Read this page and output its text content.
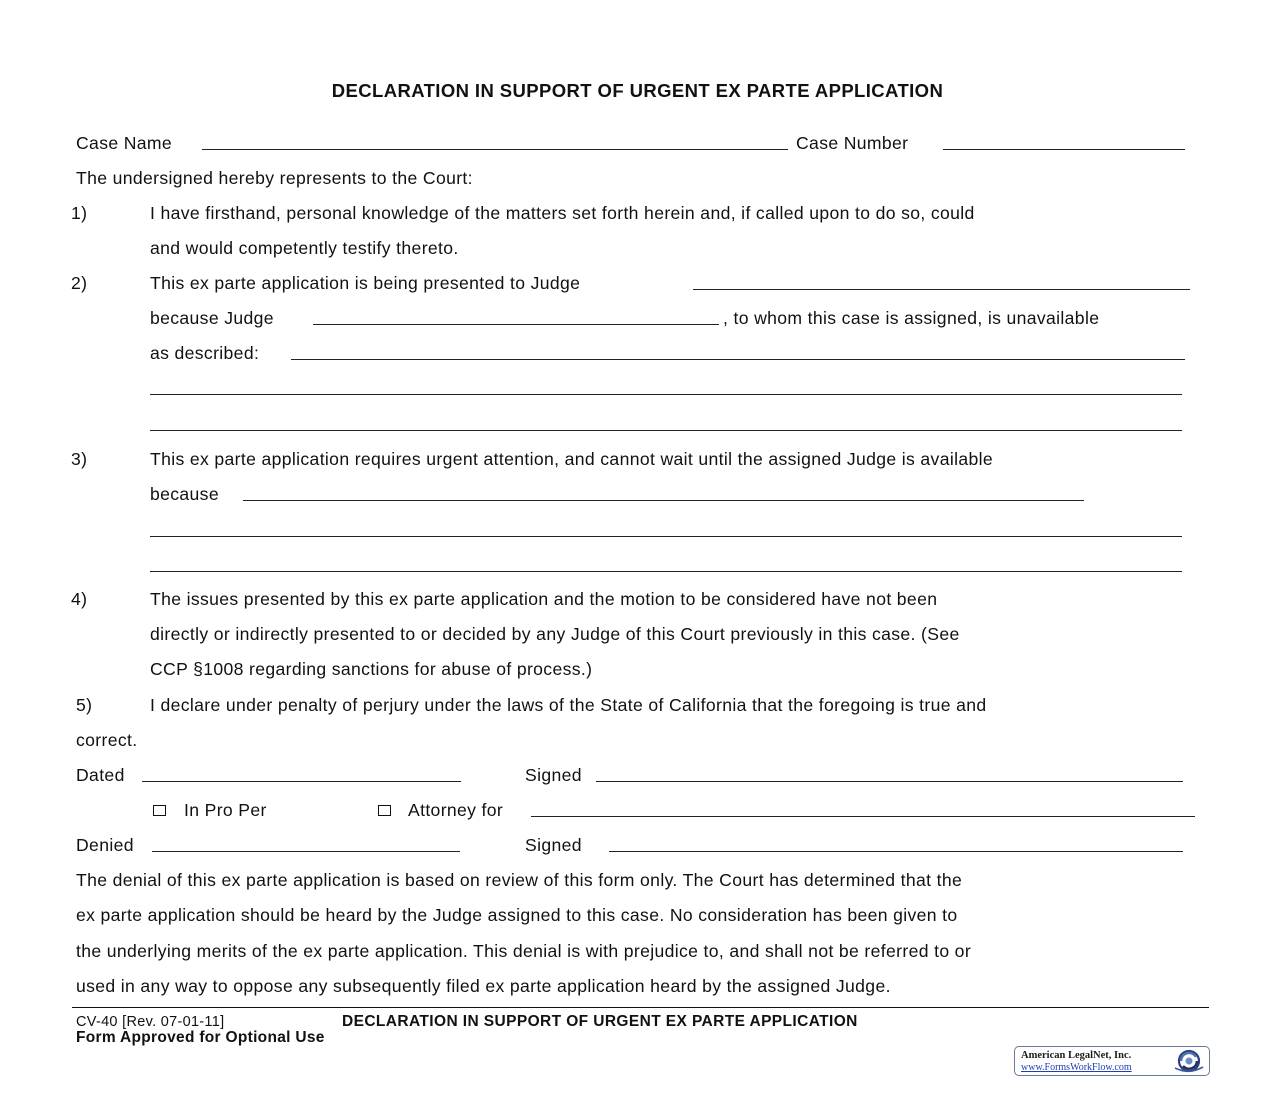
DECLARATION IN SUPPORT OF URGENT EX PARTE APPLICATION
Case Name	Case Number
The undersigned hereby represents to the Court:
1)	I have firsthand, personal knowledge of the matters set forth herein and, if called upon to do so, could
and would competently testify thereto.
2)	This ex parte application is being presented to Judge
because Judge	, to whom this case is assigned, is unavailable
as described:
3)	This ex parte application requires urgent attention, and cannot wait until the assigned Judge is available
because
4)	The issues presented by this ex parte application and the motion to be considered have not been
directly or indirectly presented to or decided by any Judge of this Court previously in this case. (See
CCP §1008 regarding sanctions for abuse of process.)
5)	I declare under penalty of perjury under the laws of the State of California that the foregoing is true and
correct.
Dated	Signed
In Pro Per	Attorney for
Denied	Signed
The denial of this ex parte application is based on review of this form only. The Court has determined that the
ex parte application should be heard by the Judge assigned to this case. No consideration has been given to
the underlying merits of the ex parte application. This denial is with prejudice to, and shall not be referred to or
used in any way to oppose any subsequently filed ex parte application heard by the assigned Judge.
CV-40 [Rev. 07-01-11]	DECLARATION IN SUPPORT OF URGENT EX PARTE APPLICATION
Form Approved for Optional Use
American LegalNet, Inc.
www.FormsWorkFlow.com
